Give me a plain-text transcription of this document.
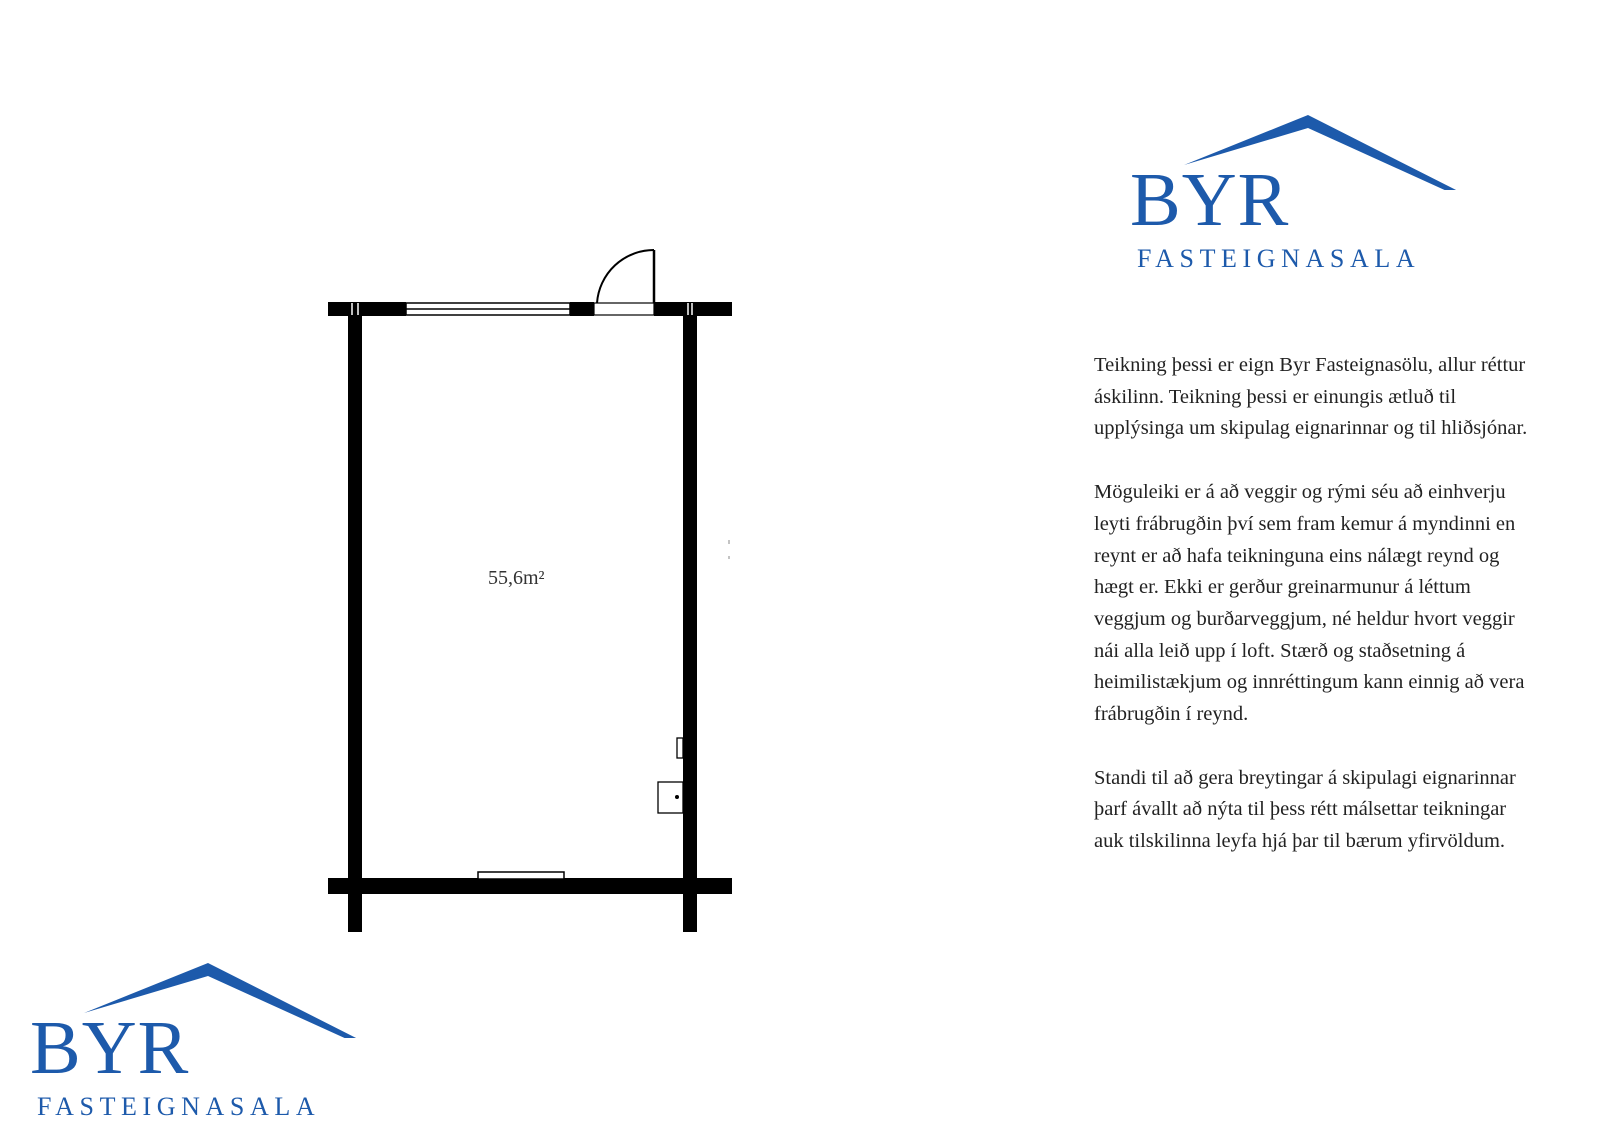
55,6m²
BYR
FASTEIGNASALA

Teikning þessi er eign Byr Fasteignasölu, allur réttur áskilinn. Teikning þessi er einungis ætluð til upplýsinga um skipulag eignarinnar og til hliðsjónar.

Möguleiki er á að veggir og rými séu að einhverju leyti frábrugðin því sem fram kemur á myndinni en reynt er að hafa teikninguna eins nálægt reynd og hægt er. Ekki er gerður greinarmunur á léttum veggjum og burðarveggjum, né heldur hvort veggir nái alla leið upp í loft. Stærð og staðsetning á heimilistækjum og innréttingum kann einnig að vera frábrugðin í reynd.

Standi til að gera breytingar á skipulagi eignarinnar þarf ávallt að nýta til þess rétt málsettar teikningar auk tilskilinna leyfa hjá þar til bærum yfirvöldum.

BYR
FASTEIGNASALA
